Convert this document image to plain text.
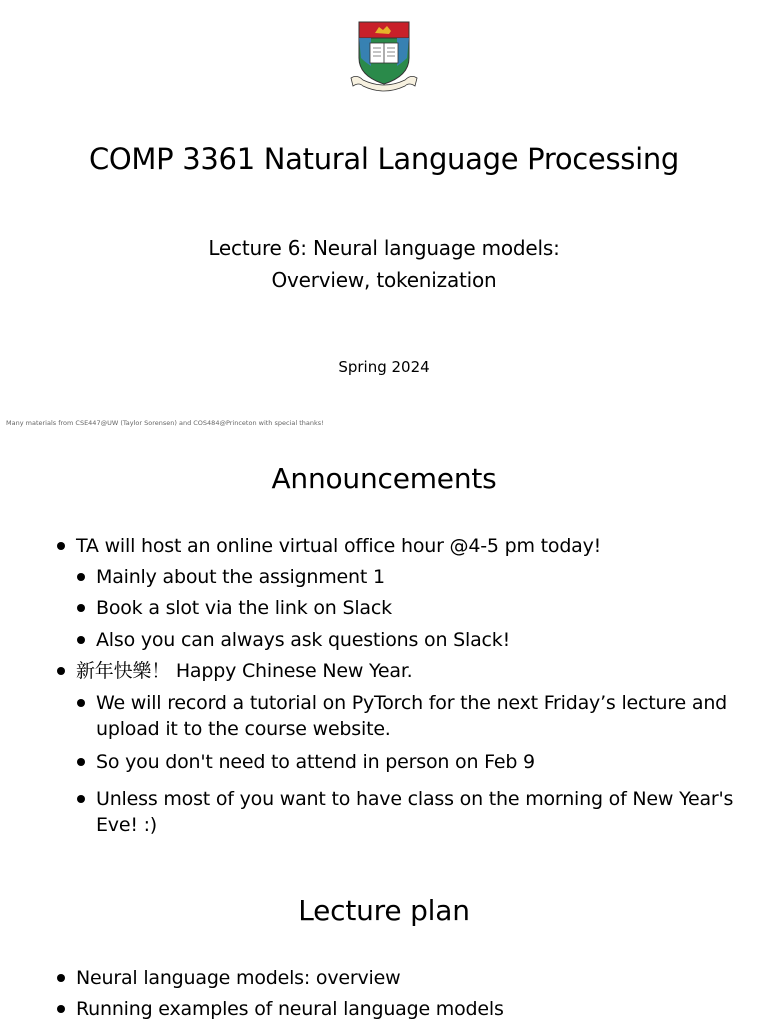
COMP 3361 Natural Language Processing
Lecture 6: Neural language models:
Overview, tokenization
Spring 2024
Many materials from CSE447@UW (Taylor Sorensen) and COS484@Princeton with special thanks!
Announcements
TA will host an online virtual office hour @4-5 pm today!
Mainly about the assignment 1
Book a slot via the link on Slack
Also you can always ask questions on Slack!
新年快樂！ Happy Chinese New Year.
We will record a tutorial on PyTorch for the next Friday’s lecture and upload it to the course website.
So you don't need to attend in person on Feb 9
Unless most of you want to have class on the morning of New Year's Eve! :)
Lecture plan
Neural language models: overview
Running examples of neural language models
